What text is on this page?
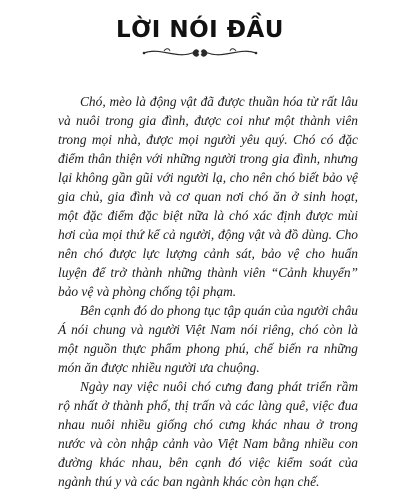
LỜI NÓI ĐẦU

Chó, mèo là động vật đã được thuần hóa từ rất lâu và nuôi trong gia đình, được coi như một thành viên trong mọi nhà, được mọi người yêu quý. Chó có đặc điểm thân thiện với những người trong gia đình, nhưng lại không gần gũi với người lạ, cho nên chó biết bảo vệ gia chủ, gia đình và cơ quan nơi chó ăn ở sinh hoạt, một đặc điểm đặc biệt nữa là chó xác định được mùi hơi của mọi thứ kể cả người, động vật và đồ dùng. Cho nên chó được lực lượng cảnh sát, bảo vệ cho huấn luyện để trở thành những thành viên “Cảnh khuyển” bảo vệ và phòng chống tội phạm.

Bên cạnh đó do phong tục tập quán của người châu Á nói chung và người Việt Nam nói riêng, chó còn là một nguồn thực phẩm phong phú, chế biến ra những món ăn được nhiều người ưa chuộng.

Ngày nay việc nuôi chó cưng đang phát triển rầm rộ nhất ở thành phố, thị trấn và các làng quê, việc đua nhau nuôi nhiều giống chó cưng khác nhau ở trong nước và còn nhập cảnh vào Việt Nam bằng nhiều con đường khác nhau, bên cạnh đó việc kiểm soát của ngành thú y và các ban ngành khác còn hạn chế.
